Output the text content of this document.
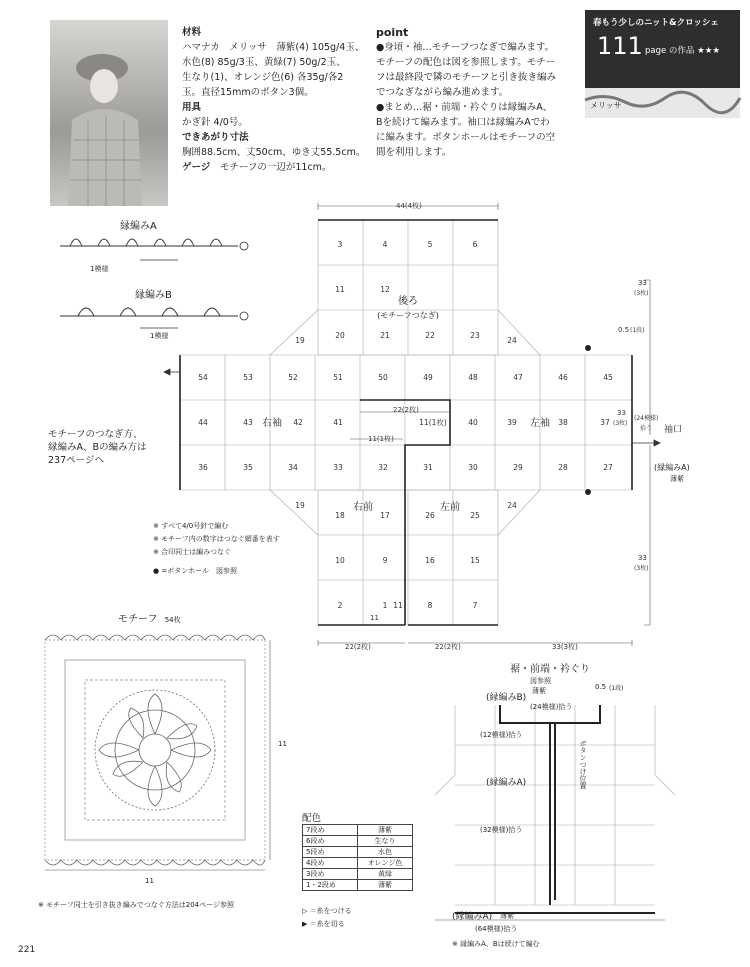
材料
ハマナカ　メリッサ　薄紫(4) 105g/4玉、
水色(8) 85g/3玉、黄緑(7) 50g/2玉、
生なり(1)、オレンジ色(6) 各35g/各2
玉。直径15mmのボタン3個。
用具
かぎ針 4/0号。
できあがり寸法
胸囲88.5cm、丈50cm、ゆき丈55.5cm。
ゲージ　 モチーフの一辺が11cm。
point
●身頃・袖…モチーフつなぎで編みます。
モチーフの配色は図を参照します。モチー
フは最終段で隣のモチーフと引き抜き編み
でつなぎながら編み進めます。
●まとめ…裾・前端・衿ぐりは縁編みA、
Bを続けて編みます。袖口は縁編みAでわ
に編みます。ボタンホールはモチーフの空
間を利用します。
春もう少しのニット&クロッシェ
111 page の作品 ★★★
メリッサ
縁編みA
1模様
縁編みB
1模様
モチーフのつなぎ方、
縁編みA、Bの編み方は
237ページへ
3	4	5	6
11	12
20	21	22	23
54	53	52	51	50	49	48	47	46	45
44	43	42	41	40	39	38	37
36	35	34	33	32	31	30	29	28	27
19
19
24
24
18	17	26	25
10	9	16	15
2	1 11	8	7
11(1枚)
後ろ
(モチーフつなぎ)
右袖	左袖
右前	左前
44(4枚)
22(2枚)
11(1枚)
11
22(2枚)	22(2枚)	33(3枚)
33
(3枚)
33
(3枚)
33
(3枚)
(24模様)
拾う
0.5 (1段)
袖口
(縁編みA)
薄紫
※ すべて4/0号針で編む
※ モチーフ内の数字はつなぐ順番を表す
※ 合印同士は編みつなぐ
● =ボタンホール　図参照
モチーフ 54枚
11
11
※ モチーフ同士を引き抜き編みでつなぐ方法は204ページ参照
配色
7段め	薄紫
6段め	生なり
5段め	水色
4段め	オレンジ色
3段め	黄緑
1・2段め	薄紫
▷ ＝糸をつける
▶ ＝糸を切る
裾・前端・衿ぐり
図参照
薄紫	0.5 (1段)
(縁編みB)
(24模様)拾う
(12模様)拾う
(縁編みA)
(32模様)拾う
ボタンつけ位置
(縁編みA) 薄紫
(64模様)拾う
※ 縁編みA、Bは続けて編む
221
